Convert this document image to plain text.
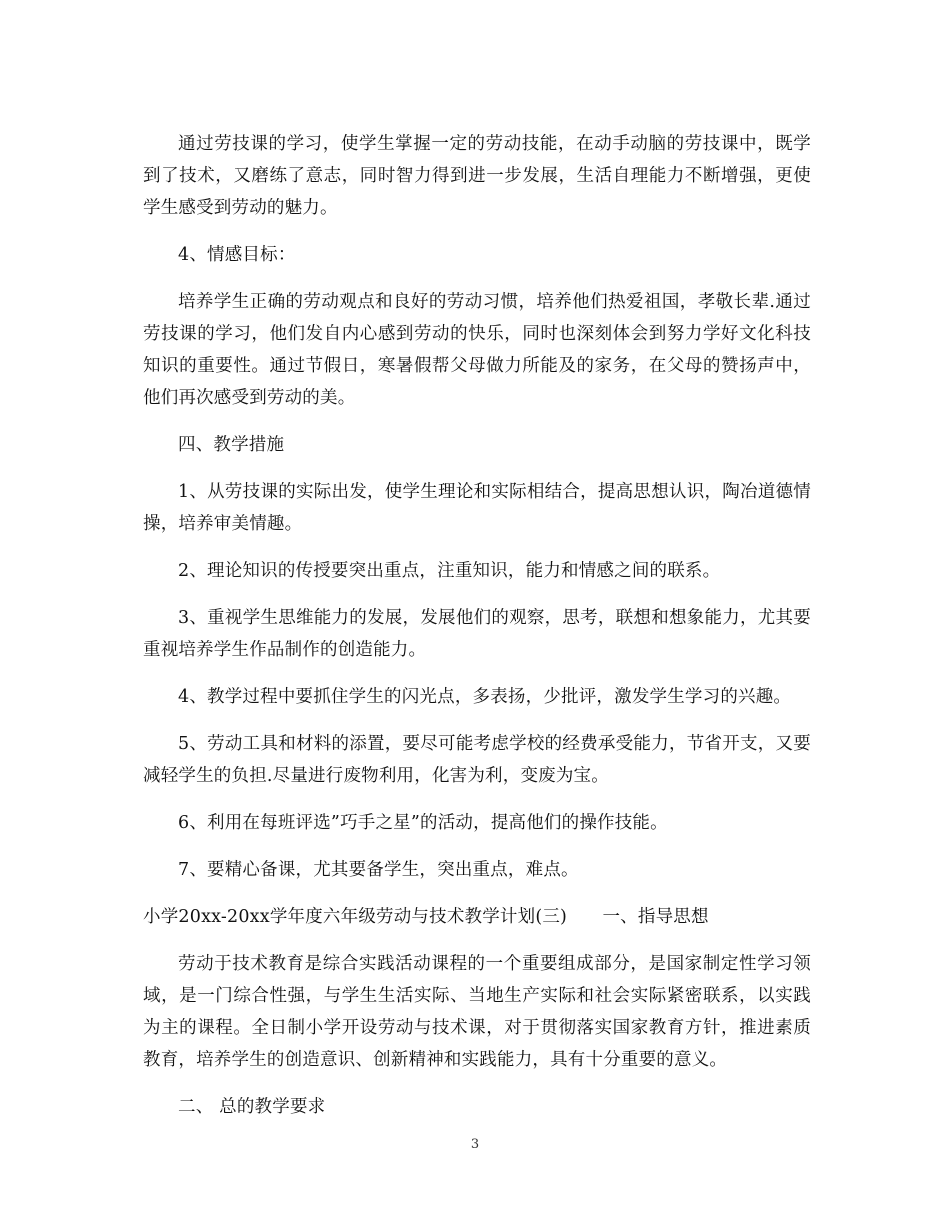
通过劳技课的学习，使学生掌握一定的劳动技能，在动手动脑的劳技课中，既学到了技术，又磨练了意志，同时智力得到进一步发展，生活自理能力不断增强，更使学生感受到劳动的魅力。

4、情感目标：

培养学生正确的劳动观点和良好的劳动习惯，培养他们热爱祖国，孝敬长辈.通过劳技课的学习，他们发自内心感到劳动的快乐，同时也深刻体会到努力学好文化科技知识的重要性。通过节假日，寒暑假帮父母做力所能及的家务，在父母的赞扬声中，他们再次感受到劳动的美。

四、教学措施

1、从劳技课的实际出发，使学生理论和实际相结合，提高思想认识，陶冶道德情操，培养审美情趣。

2、理论知识的传授要突出重点，注重知识，能力和情感之间的联系。

3、重视学生思维能力的发展，发展他们的观察，思考，联想和想象能力，尤其要重视培养学生作品制作的创造能力。

4、教学过程中要抓住学生的闪光点，多表扬，少批评，激发学生学习的兴趣。

5、劳动工具和材料的添置，要尽可能考虑学校的经费承受能力，节省开支，又要减轻学生的负担.尽量进行废物利用，化害为利，变废为宝。

6、利用在每班评选”巧手之星”的活动，提高他们的操作技能。

7、要精心备课，尤其要备学生，突出重点，难点。

小学20xx-20xx学年度六年级劳动与技术教学计划(三)　　一、指导思想

劳动于技术教育是综合实践活动课程的一个重要组成部分，是国家制定性学习领域，是一门综合性强，与学生生活实际、当地生产实际和社会实际紧密联系，以实践为主的课程。全日制小学开设劳动与技术课，对于贯彻落实国家教育方针，推进素质教育，培养学生的创造意识、创新精神和实践能力，具有十分重要的意义。

二、 总的教学要求

3
